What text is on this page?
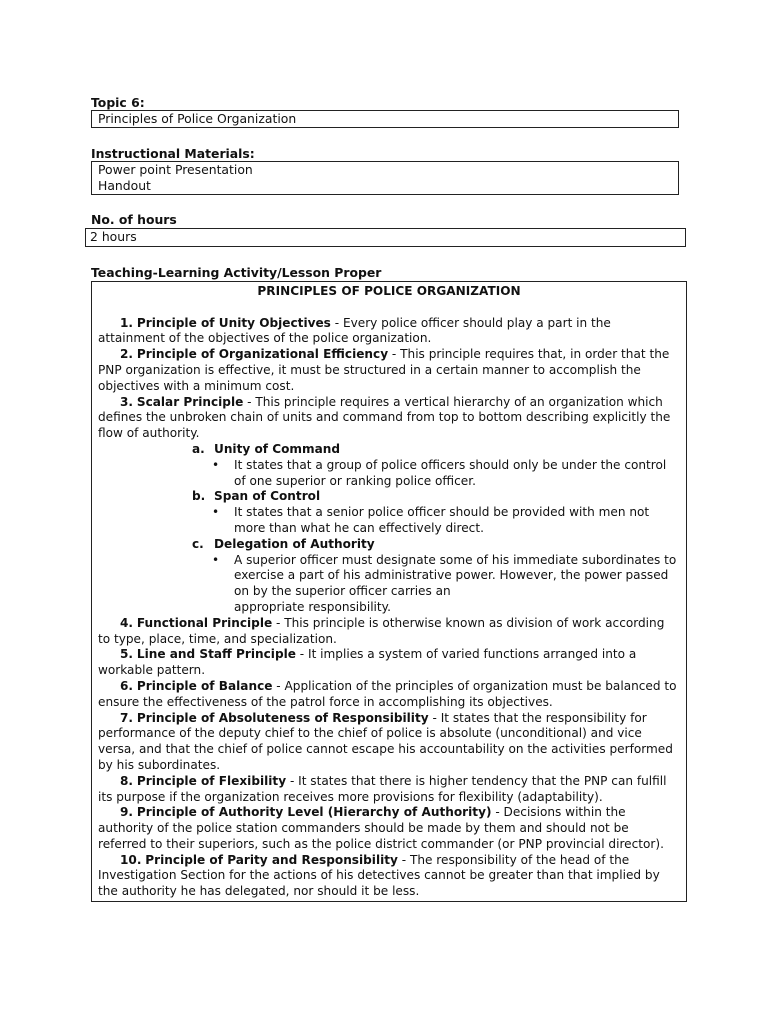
Topic 6:
Principles of Police Organization
Instructional Materials:
Power point Presentation
Handout
No. of hours
2 hours
Teaching-Learning Activity/Lesson Proper
PRINCIPLES OF POLICE ORGANIZATION

1. Principle of Unity Objectives - Every police officer should play a part in the attainment of the objectives of the police organization.

2. Principle of Organizational Efficiency - This principle requires that, in order that the PNP organization is effective, it must be structured in a certain manner to accomplish the objectives with a minimum cost.

3. Scalar Principle - This principle requires a vertical hierarchy of an organization which defines the unbroken chain of units and command from top to bottom describing explicitly the flow of authority.

a. Unity of Command
• It states that a group of police officers should only be under the control of one superior or ranking police officer.
b. Span of Control
• It states that a senior police officer should be provided with men not more than what he can effectively direct.
c. Delegation of Authority
• A superior officer must designate some of his immediate subordinates to exercise a part of his administrative power. However, the power passed on by the superior officer carries an
appropriate responsibility.

4. Functional Principle - This principle is otherwise known as division of work according to type, place, time, and specialization.

5. Line and Staff Principle - It implies a system of varied functions arranged into a workable pattern.

6. Principle of Balance - Application of the principles of organization must be balanced to ensure the effectiveness of the patrol force in accomplishing its objectives.

7. Principle of Absoluteness of Responsibility - It states that the responsibility for performance of the deputy chief to the chief of police is absolute (unconditional) and vice versa, and that the chief of police cannot escape his accountability on the activities performed by his subordinates.

8. Principle of Flexibility - It states that there is higher tendency that the PNP can fulfill its purpose if the organization receives more provisions for flexibility (adaptability).

9. Principle of Authority Level (Hierarchy of Authority) - Decisions within the authority of the police station commanders should be made by them and should not be referred to their superiors, such as the police district commander (or PNP provincial director).

10. Principle of Parity and Responsibility - The responsibility of the head of the Investigation Section for the actions of his detectives cannot be greater than that implied by the authority he has delegated, nor should it be less.
